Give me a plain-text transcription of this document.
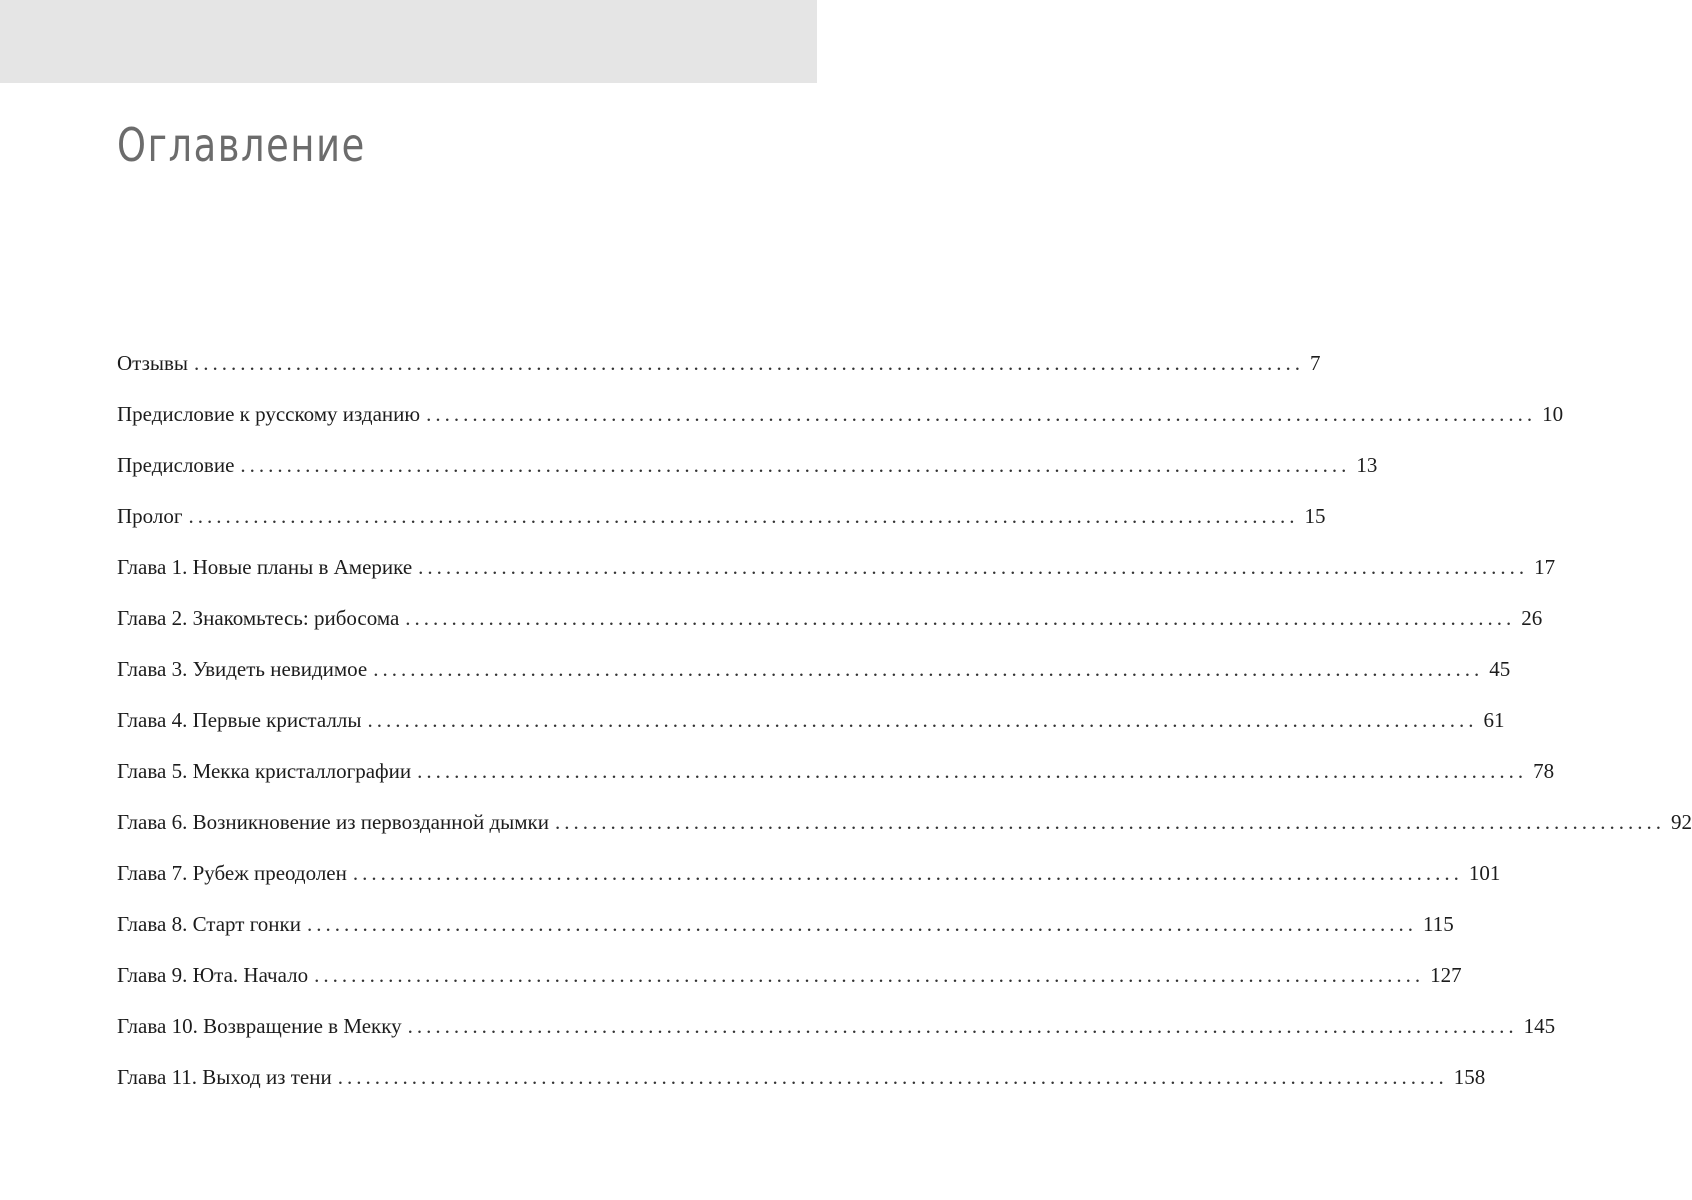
Оглавление
Отзывы ........................................................................................................................ 7
Предисловие к русскому изданию ........................................................................................................................ 10
Предисловие ........................................................................................................................ 13
Пролог ........................................................................................................................ 15
Глава 1. Новые планы в Америке ........................................................................................................................ 17
Глава 2. Знакомьтесь: рибосома ........................................................................................................................ 26
Глава 3. Увидеть невидимое ........................................................................................................................ 45
Глава 4. Первые кристаллы ........................................................................................................................ 61
Глава 5. Мекка кристаллографии ........................................................................................................................ 78
Глава 6. Возникновение из первозданной дымки ........................................................................................................................ 92
Глава 7. Рубеж преодолен ........................................................................................................................ 101
Глава 8. Старт гонки ........................................................................................................................ 115
Глава 9. Юта. Начало ........................................................................................................................ 127
Глава 10. Возвращение в Мекку ........................................................................................................................ 145
Глава 11. Выход из тени ........................................................................................................................ 158
